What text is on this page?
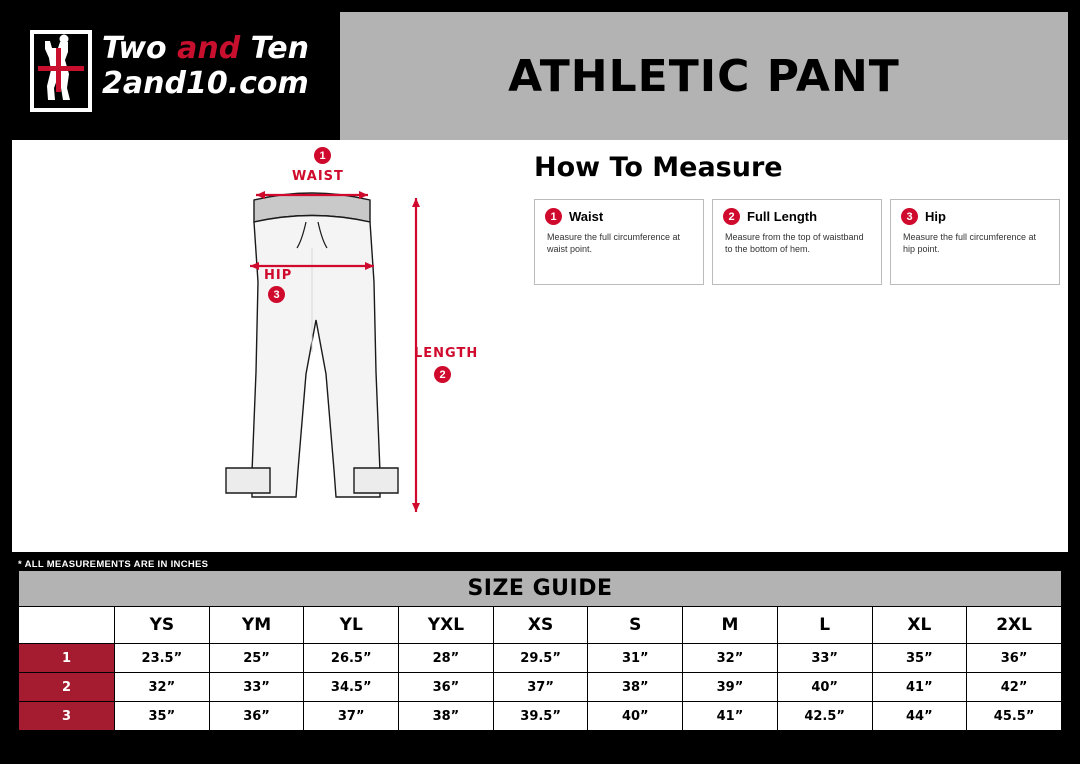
ATHLETIC PANT
Two and Ten
2and10.com
1
WAIST
HIP
3
LENGTH
2
How To Measure
1 Waist
Measure the full circumference at waist point.
2 Full Length
Measure from the top of waistband to the bottom of hem.
3 Hip
Measure the full circumference at hip point.
* ALL MEASUREMENTS ARE IN INCHES
SIZE GUIDE
	YS	YM	YL	YXL	XS	S	M	L	XL	2XL
1	23.5”	25”	26.5”	28”	29.5”	31”	32”	33”	35”	36”
2	32”	33”	34.5”	36”	37”	38”	39”	40”	41”	42”
3	35”	36”	37”	38”	39.5”	40”	41”	42.5”	44”	45.5”
